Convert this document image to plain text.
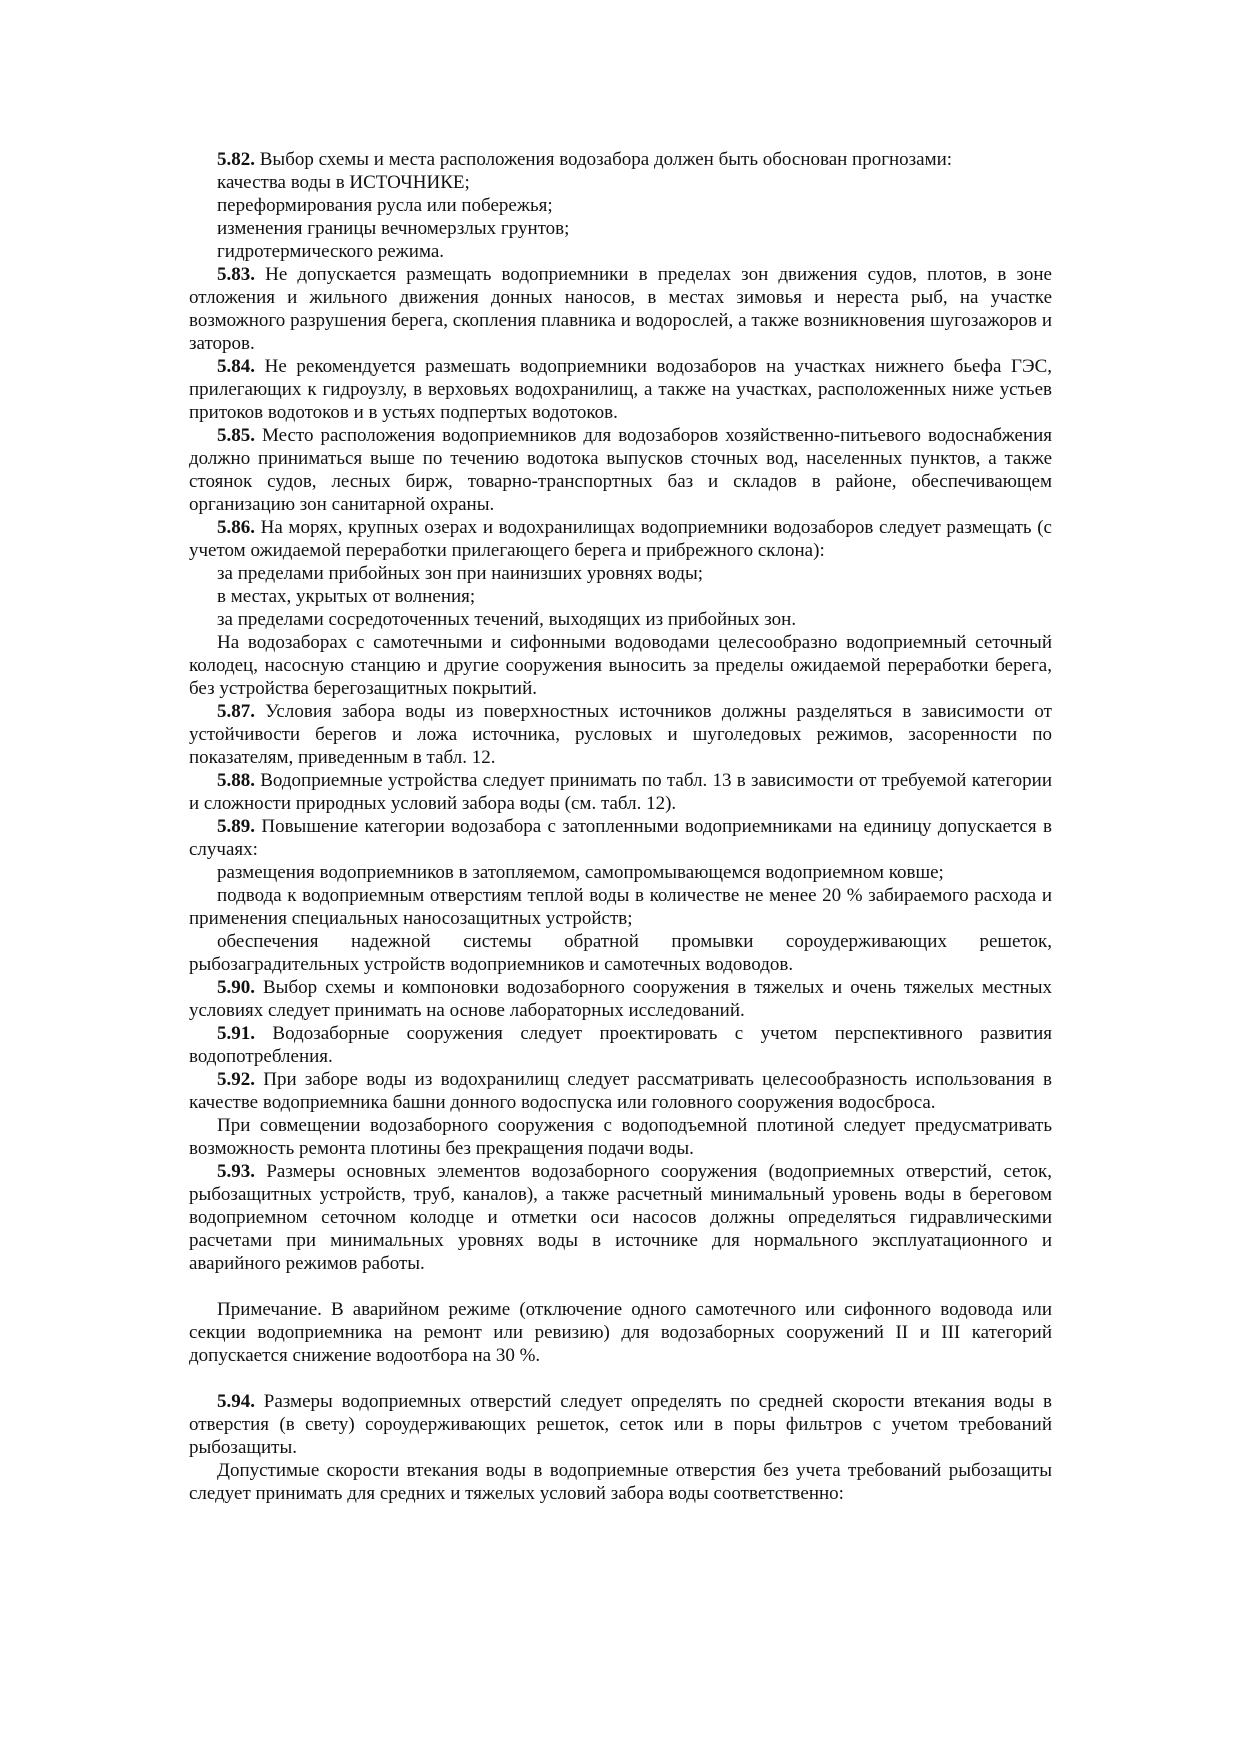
5.82. Выбор схемы и места расположения водозабора должен быть обоснован прогнозами:

качества воды в ИСТОЧНИКЕ;

переформирования русла или побережья;

изменения границы вечномерзлых грунтов;

гидротермического режима.

5.83. Не допускается размещать водоприемники в пределах зон движения судов, плотов, в зоне отложения и жильного движения донных наносов, в местах зимовья и нереста рыб, на участке возможного разрушения берега, скопления плавника и водорослей, а также возникновения шугозажоров и заторов.

5.84. Не рекомендуется размешать водоприемники водозаборов на участках нижнего бьефа ГЭС, прилегающих к гидроузлу, в верховьях водохранилищ, а также на участках, расположенных ниже устьев притоков водотоков и в устьях подпертых водотоков.

5.85. Место расположения водоприемников для водозаборов хозяйственно-питьевого водоснабжения должно приниматься выше по течению водотока выпусков сточных вод, населенных пунктов, а также стоянок судов, лесных бирж, товарно-транспортных баз и складов в районе, обеспечивающем организацию зон санитарной охраны.

5.86. На морях, крупных озерах и водохранилищах водоприемники водозаборов следует размещать (с учетом ожидаемой переработки прилегающего берега и прибрежного склона):

за пределами прибойных зон при наинизших уровнях воды;

в местах, укрытых от волнения;

за пределами сосредоточенных течений, выходящих из прибойных зон.

На водозаборах с самотечными и сифонными водоводами целесообразно водоприемный сеточный колодец, насосную станцию и другие сооружения выносить за пределы ожидаемой переработки берега, без устройства берегозащитных покрытий.

5.87. Условия забора воды из поверхностных источников должны разделяться в зависимости от устойчивости берегов и ложа источника, русловых и шуголедовых режимов, засоренности по показателям, приведенным в табл. 12.

5.88. Водоприемные устройства следует принимать по табл. 13 в зависимости от требуемой категории и сложности природных условий забора воды (см. табл. 12).

5.89. Повышение категории водозабора с затопленными водоприемниками на единицу допускается в случаях:

размещения водоприемников в затопляемом, самопромывающемся водоприемном ковше;

подвода к водоприемным отверстиям теплой воды в количестве не менее 20 % забираемого расхода и применения специальных наносозащитных устройств;

обеспечения надежной системы обратной промывки сороудерживающих решеток, рыбозаградительных устройств водоприемников и самотечных водоводов.

5.90. Выбор схемы и компоновки водозаборного сооружения в тяжелых и очень тяжелых местных условиях следует принимать на основе лабораторных исследований.

5.91. Водозаборные сооружения следует проектировать с учетом перспективного развития водопотребления.

5.92. При заборе воды из водохранилищ следует рассматривать целесообразность использования в качестве водоприемника башни донного водоспуска или головного сооружения водосброса.

При совмещении водозаборного сооружения с водоподъемной плотиной следует предусматривать возможность ремонта плотины без прекращения подачи воды.

5.93. Размеры основных элементов водозаборного сооружения (водоприемных отверстий, сеток, рыбозащитных устройств, труб, каналов), а также расчетный минимальный уровень воды в береговом водоприемном сеточном колодце и отметки оси насосов должны определяться гидравлическими расчетами при минимальных уровнях воды в источнике для нормального эксплуатационного и аварийного режимов работы.

Примечание. В аварийном режиме (отключение одного самотечного или сифонного водовода или секции водоприемника на ремонт или ревизию) для водозаборных сооружений II и III категорий допускается снижение водоотбора на 30 %.

5.94. Размеры водоприемных отверстий следует определять по средней скорости втекания воды в отверстия (в свету) сороудерживающих решеток, сеток или в поры фильтров с учетом требований рыбозащиты.

Допустимые скорости втекания воды в водоприемные отверстия без учета требований рыбозащиты следует принимать для средних и тяжелых условий забора воды соответственно:
